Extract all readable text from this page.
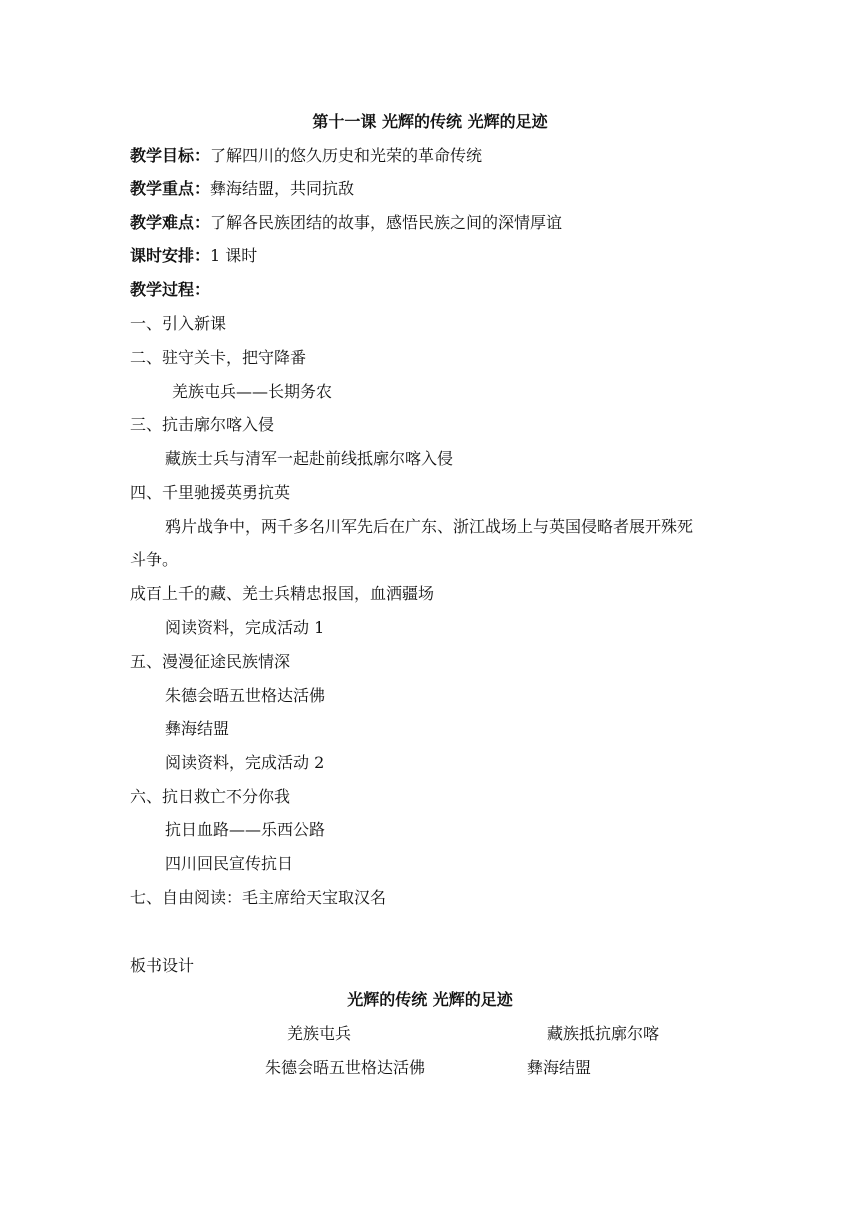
第十一课 光辉的传统 光辉的足迹
教学目标：了解四川的悠久历史和光荣的革命传统
教学重点：彝海结盟，共同抗敌
教学难点：了解各民族团结的故事，感悟民族之间的深情厚谊
课时安排：1 课时
教学过程：
一、引入新课
二、驻守关卡，把守降番
羌族屯兵——长期务农
三、抗击廓尔喀入侵
藏族士兵与清军一起赴前线抵廓尔喀入侵
四、千里驰援英勇抗英
鸦片战争中，两千多名川军先后在广东、浙江战场上与英国侵略者展开殊死
斗争。
成百上千的藏、羌士兵精忠报国，血洒疆场
阅读资料，完成活动 1
五、漫漫征途民族情深
朱德会晤五世格达活佛
彝海结盟
阅读资料，完成活动 2
六、抗日救亡不分你我
抗日血路——乐西公路
四川回民宣传抗日
七、自由阅读：毛主席给天宝取汉名
板书设计
光辉的传统 光辉的足迹
羌族屯兵	藏族抵抗廓尔喀
朱德会晤五世格达活佛	彝海结盟
